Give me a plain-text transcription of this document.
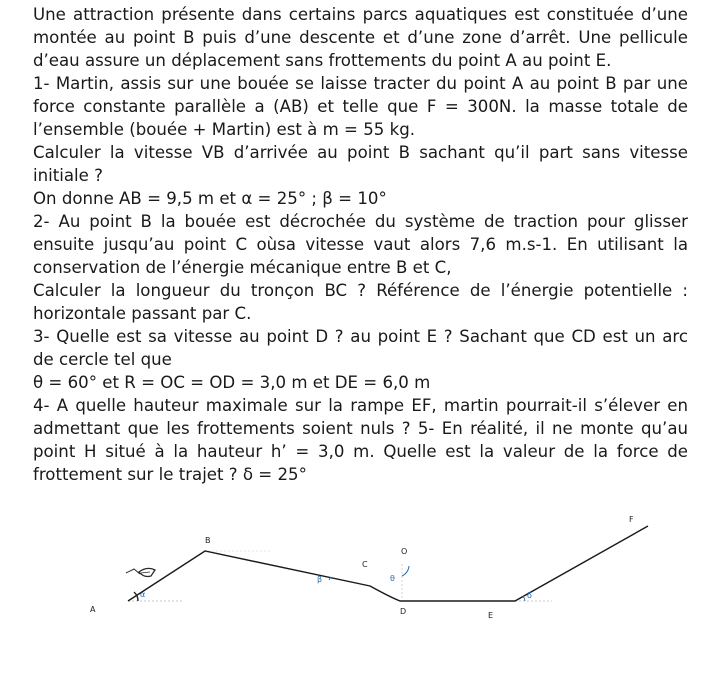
Une attraction présente dans certains parcs aquatiques est constituée d’une montée au point B puis d’une descente et d’une zone d’arrêt. Une pellicule d’eau assure un déplacement sans frottements du point A au point E.

1- Martin, assis sur une bouée se laisse tracter du point A au point B par une force constante parallèle a (AB) et telle que F = 300N. la masse totale de l’ensemble (bouée + Martin) est à m = 55 kg.

Calculer la vitesse VB d’arrivée au point B sachant qu’il part sans vitesse initiale ?

On donne AB = 9,5 m et α = 25° ; β = 10°

2- Au point B la bouée est décrochée du système de traction pour glisser ensuite jusqu’au point C oùsa vitesse vaut alors 7,6 m.s-1. En utilisant la conservation de l’énergie mécanique entre B et C,

Calculer la longueur du tronçon BC ? Référence de l’énergie potentielle : horizontale passant par C.

3- Quelle est sa vitesse au point D ? au point E ? Sachant que CD est un arc de cercle tel que

θ = 60° et R = OC = OD = 3,0 m et DE = 6,0 m

4- A quelle hauteur maximale sur la rampe EF, martin pourrait-il s’élever en admettant que les frottements soient nuls ? 5- En réalité, il ne monte qu’au point H situé à la hauteur h’ = 3,0 m. Quelle est la valeur de la force de frottement sur le trajet ? δ = 25°

A
B
C
O
D	E
F
α
β	θ
δ
